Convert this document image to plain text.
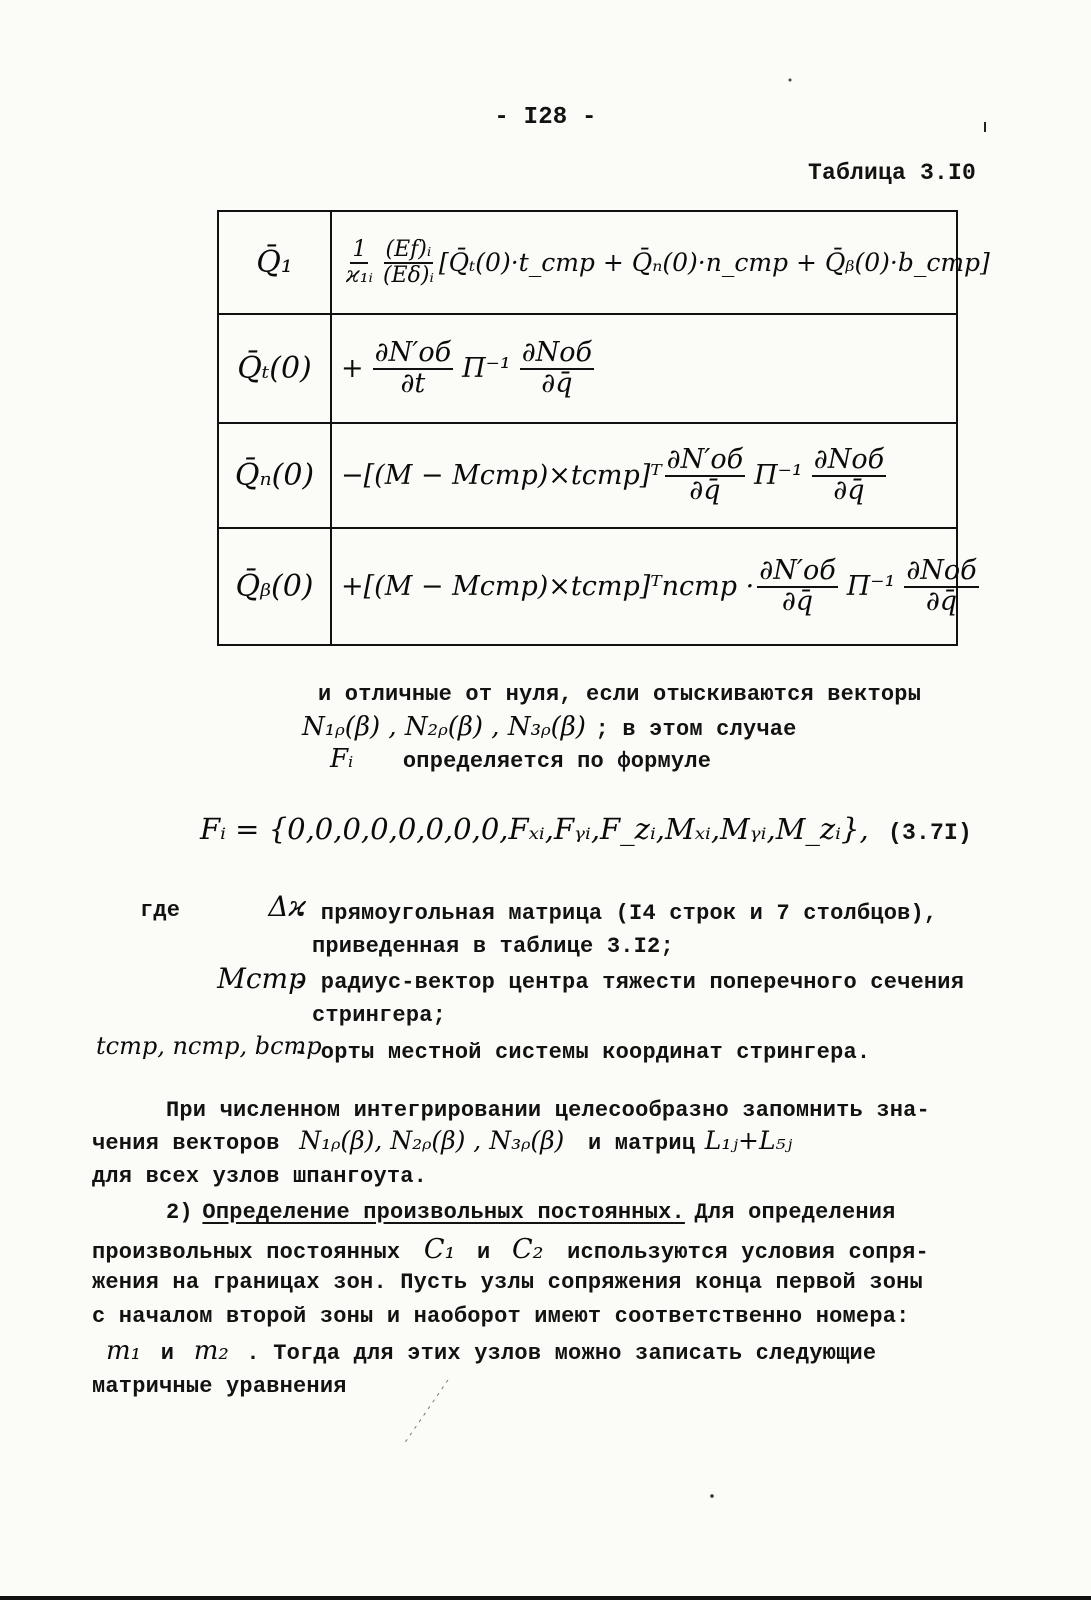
- I28 -
Таблица 3.I0
Q̄₁	$\frac{1}{\text{ϰ₁ᵢ}} \frac{\text{(Ef)ᵢ}}{\text{(Eδ)ᵢ}}$ [Q̄ₜ(0)·t_стр + Q̄ₙ(0)·n_стр + Q̄ᵦ(0)·b_стр]
Q̄ₜ(0)	+ $\frac{\partial N'об}{\partial t} \Pi^{-1} \frac{\text{∂Nоб}}{\partial q̄}$
Q̄ₙ(0) −[(M − Mстр)×tстр]ᵀ $\frac{\partial N'об}{\partial q̄} \Pi^{-1} \frac{\text{∂Nоб}}{\partial q̄}$
Q̄ᵦ(0)	+[(M − Mстр)×tстр]ᵀnстр · $\frac{\partial N'об}{\partial q̄} \Pi^{-1} \frac{\text{∂Nоб}}{\partial q̄}$
и отличные от нуля, если отыскиваются векторы
N₁ᵨ(β) , N₂ᵨ(β) , N₃ᵨ(β) ; в этом случае
Fᵢ определяется по формуле
Fᵢ = {0,0,0,0,0,0,0,0,Fₓᵢ,Fᵧᵢ,F_zᵢ,Mₓᵢ,Mᵧᵢ,M_zᵢ}, (3.7I)
где	Δϰ
- прямоугольная матрица (I4 строк и 7 столбцов),
приведенная в таблице 3.I2;
Mстр
- радиус-вектор центра тяжести поперечного сечения
стрингера;
tстр, nстр, bстр
- орты местной системы координат стрингера.
При численном интегрировании целесообразно запомнить зна-
чения векторов N₁ᵨ(β), N₂ᵨ(β) , N₃ᵨ(β) и матриц L₁ⱼ+L₅ⱼ
для всех узлов шпангоута.
2) Определение произвольных постоянных. Для определения
произвольных постоянных C₁ и C₂ используются условия сопря-
жения на границах зон. Пусть узлы сопряжения конца первой зоны
с началом второй зоны и наоборот имеют соответственно номера:
m₁ и m₂ . Тогда для этих узлов можно записать следующие
матричные уравнения
